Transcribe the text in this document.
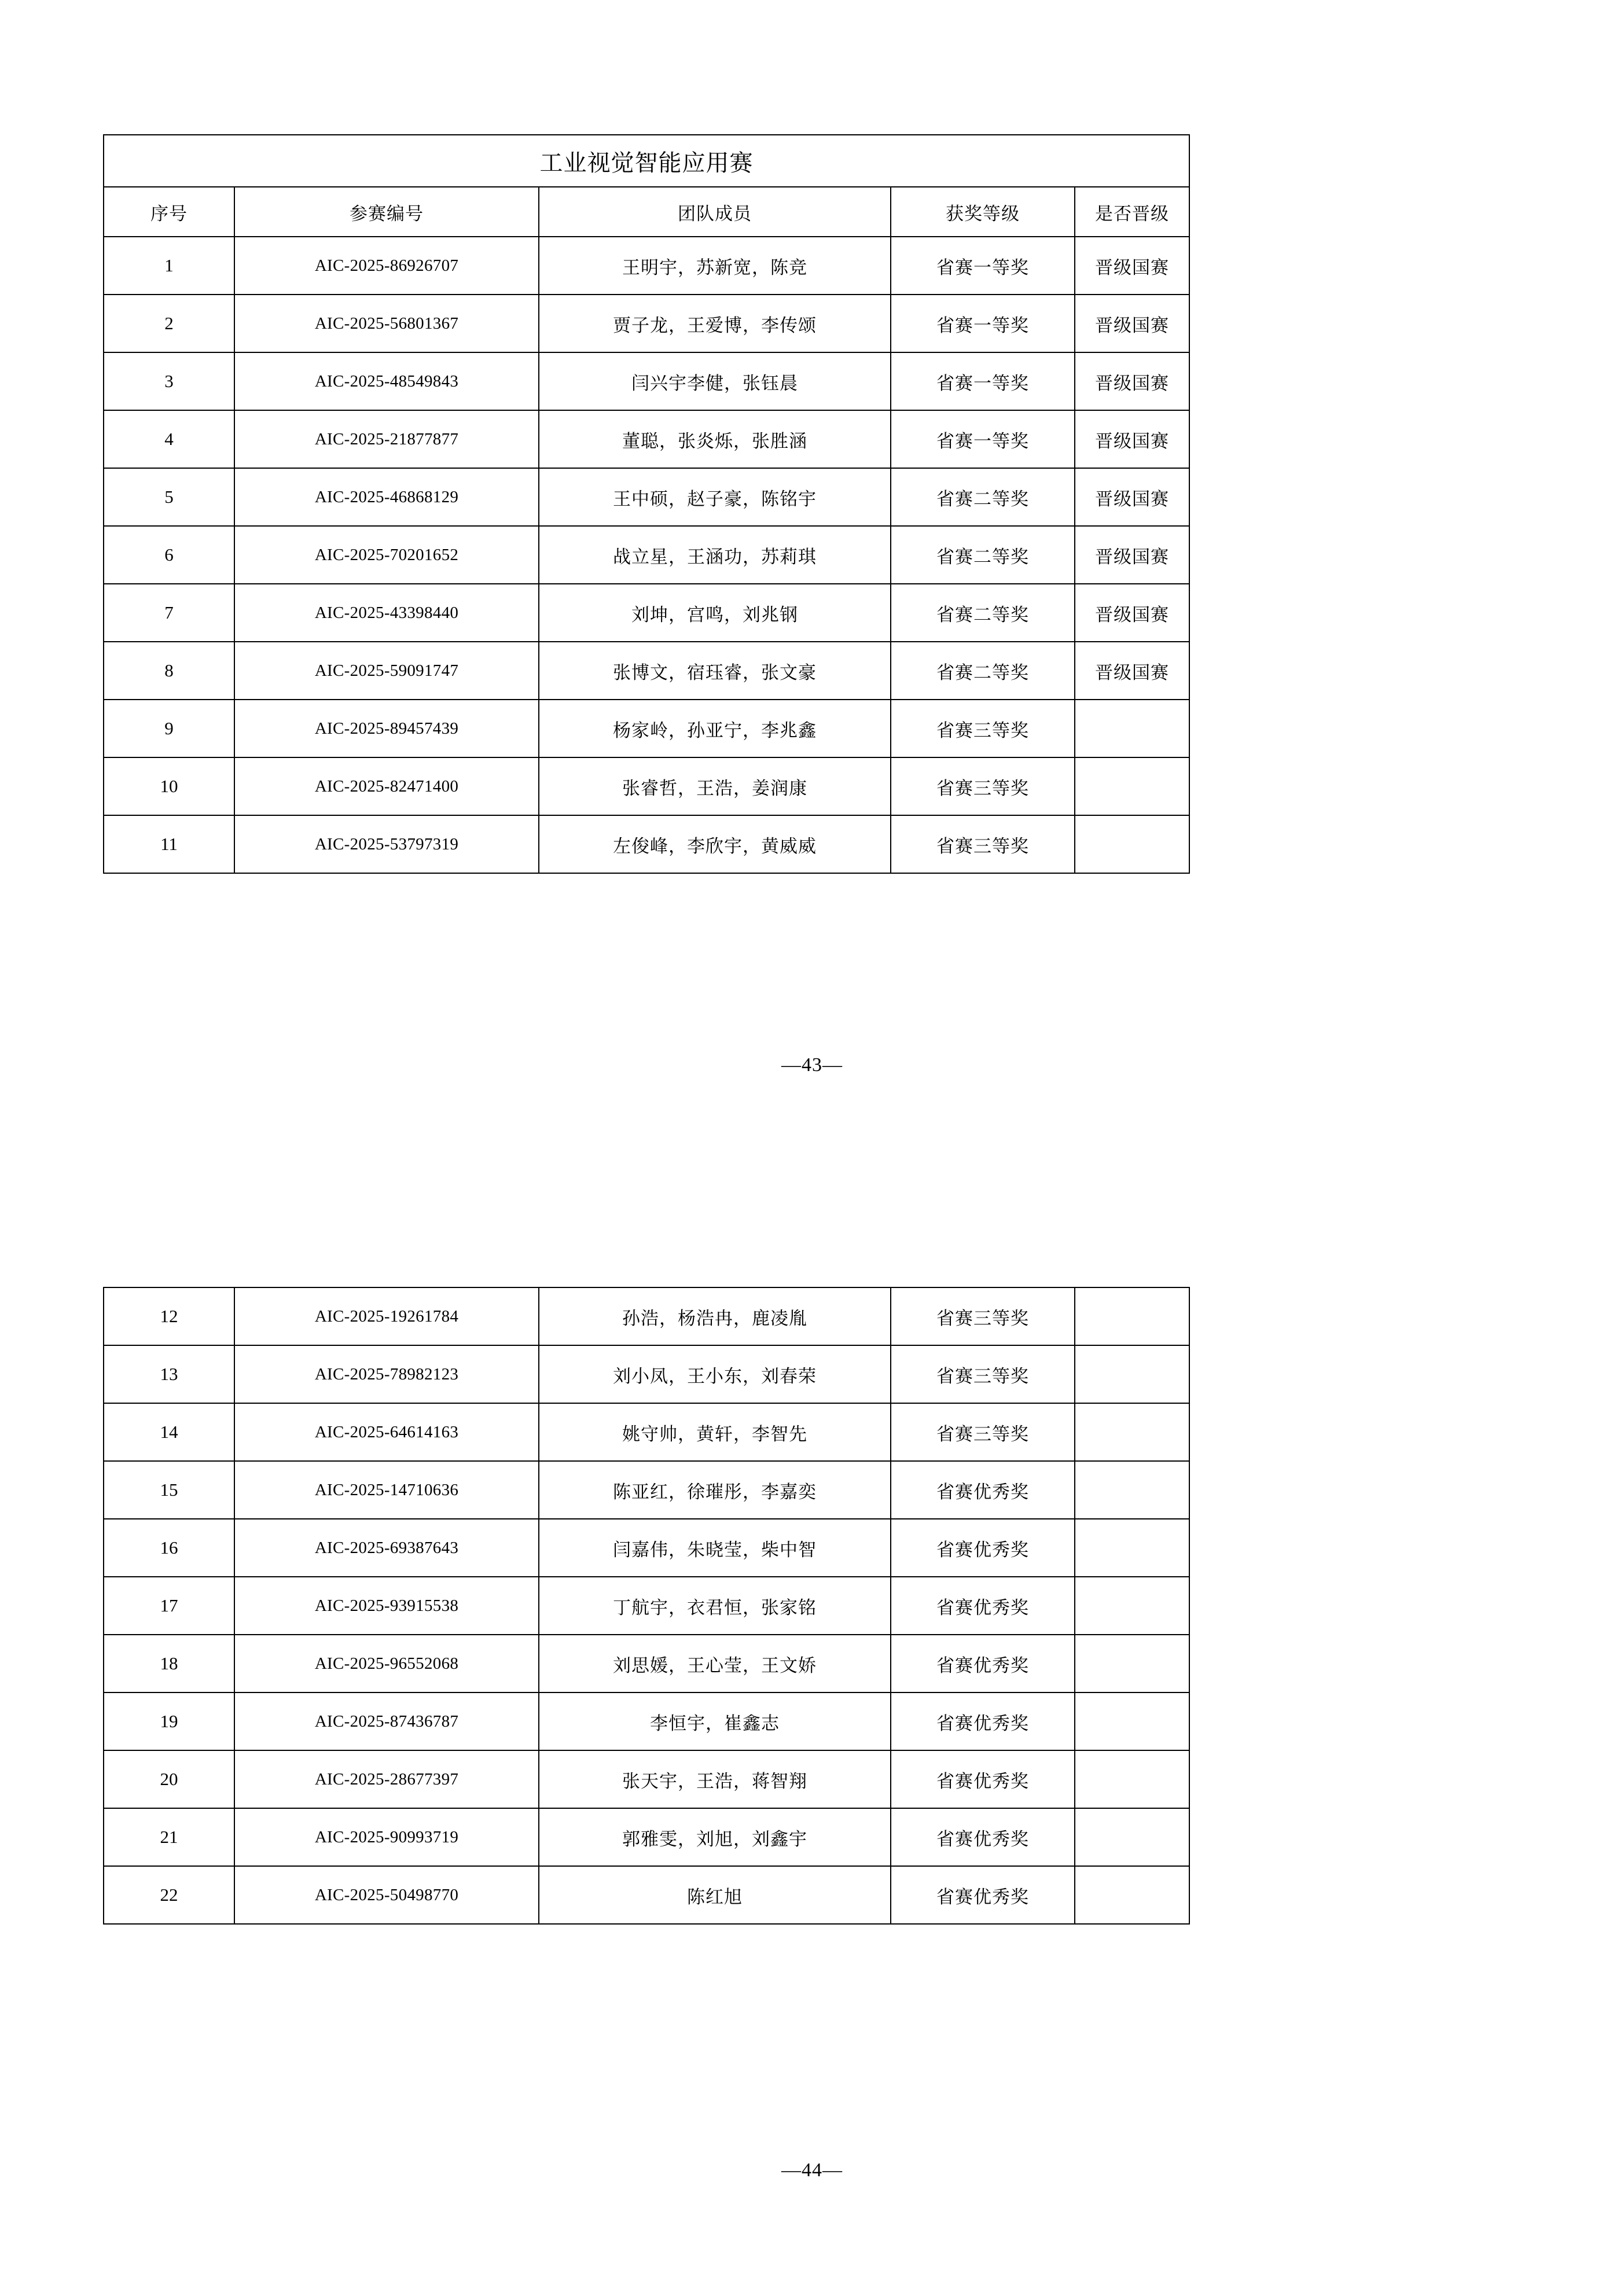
工业视觉智能应用赛				
序号	参赛编号	团队成员	获奖等级	是否晋级
1	AIC-2025-86926707	王明宇，苏新宽，陈竞	省赛一等奖	晋级国赛
2	AIC-2025-56801367	贾子龙，王爱博，李传颂	省赛一等奖	晋级国赛
3	AIC-2025-48549843	闫兴宇李健，张钰晨	省赛一等奖	晋级国赛
4	AIC-2025-21877877	董聪，张炎烁，张胜涵	省赛一等奖	晋级国赛
5	AIC-2025-46868129	王中硕，赵子豪，陈铭宇	省赛二等奖	晋级国赛
6	AIC-2025-70201652	战立星，王涵功，苏莉琪	省赛二等奖	晋级国赛
7	AIC-2025-43398440	刘坤，宫鸣，刘兆钢	省赛二等奖	晋级国赛
8	AIC-2025-59091747	张博文，宿珏睿，张文豪	省赛二等奖	晋级国赛
9	AIC-2025-89457439	杨家岭，孙亚宁，李兆鑫	省赛三等奖	
10	AIC-2025-82471400	张睿哲，王浩，姜润康	省赛三等奖	
11	AIC-2025-53797319	左俊峰，李欣宇，黄威威	省赛三等奖	
—43—
12	AIC-2025-19261784	孙浩，杨浩冉，鹿凌胤	省赛三等奖	
13	AIC-2025-78982123	刘小凤，王小东，刘春荣	省赛三等奖	
14	AIC-2025-64614163	姚守帅，黄轩，李智先	省赛三等奖	
15	AIC-2025-14710636	陈亚红，徐璀彤，李嘉奕	省赛优秀奖	
16	AIC-2025-69387643	闫嘉伟，朱晓莹，柴中智	省赛优秀奖	
17	AIC-2025-93915538	丁航宇，衣君恒，张家铭	省赛优秀奖	
18	AIC-2025-96552068	刘思媛，王心莹，王文娇	省赛优秀奖	
19	AIC-2025-87436787	李恒宇，崔鑫志	省赛优秀奖	
20	AIC-2025-28677397	张天宇，王浩，蒋智翔	省赛优秀奖	
21	AIC-2025-90993719	郭雅雯，刘旭，刘鑫宇	省赛优秀奖	
22	AIC-2025-50498770	陈红旭	省赛优秀奖	
—44—
